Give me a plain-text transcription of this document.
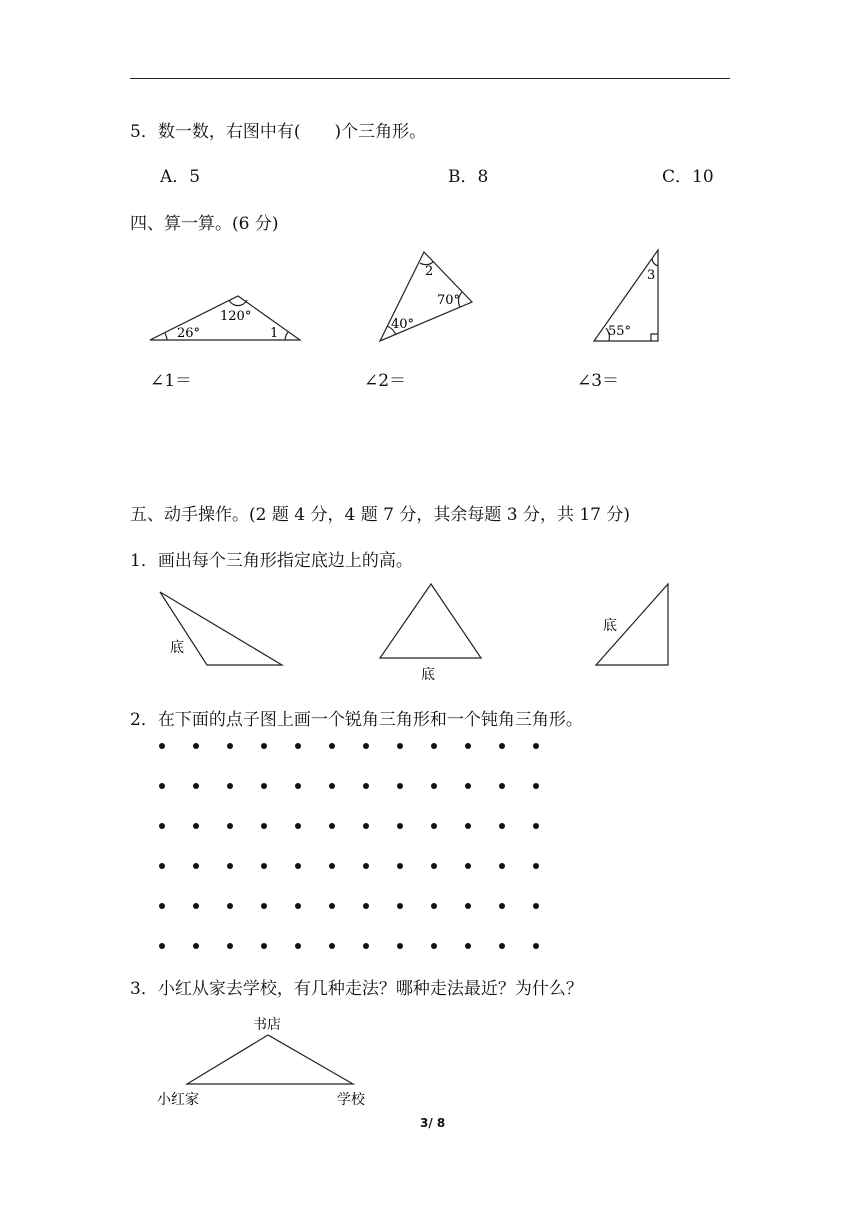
5．数一数，右图中有(　　)个三角形。
A．5	B．8	C．10
四、算一算。(6 分)
120°
26°	1
2
70°
40°
3
55°
底
底
底
书店
小红家	学校
∠1＝	∠2＝	∠3＝
五、动手操作。(2 题 4 分，4 题 7 分，其余每题 3 分，共 17 分)
1．画出每个三角形指定底边上的高。
2．在下面的点子图上画一个锐角三角形和一个钝角三角形。
3．小红从家去学校，有几种走法？哪种走法最近？为什么？
3/ 8
